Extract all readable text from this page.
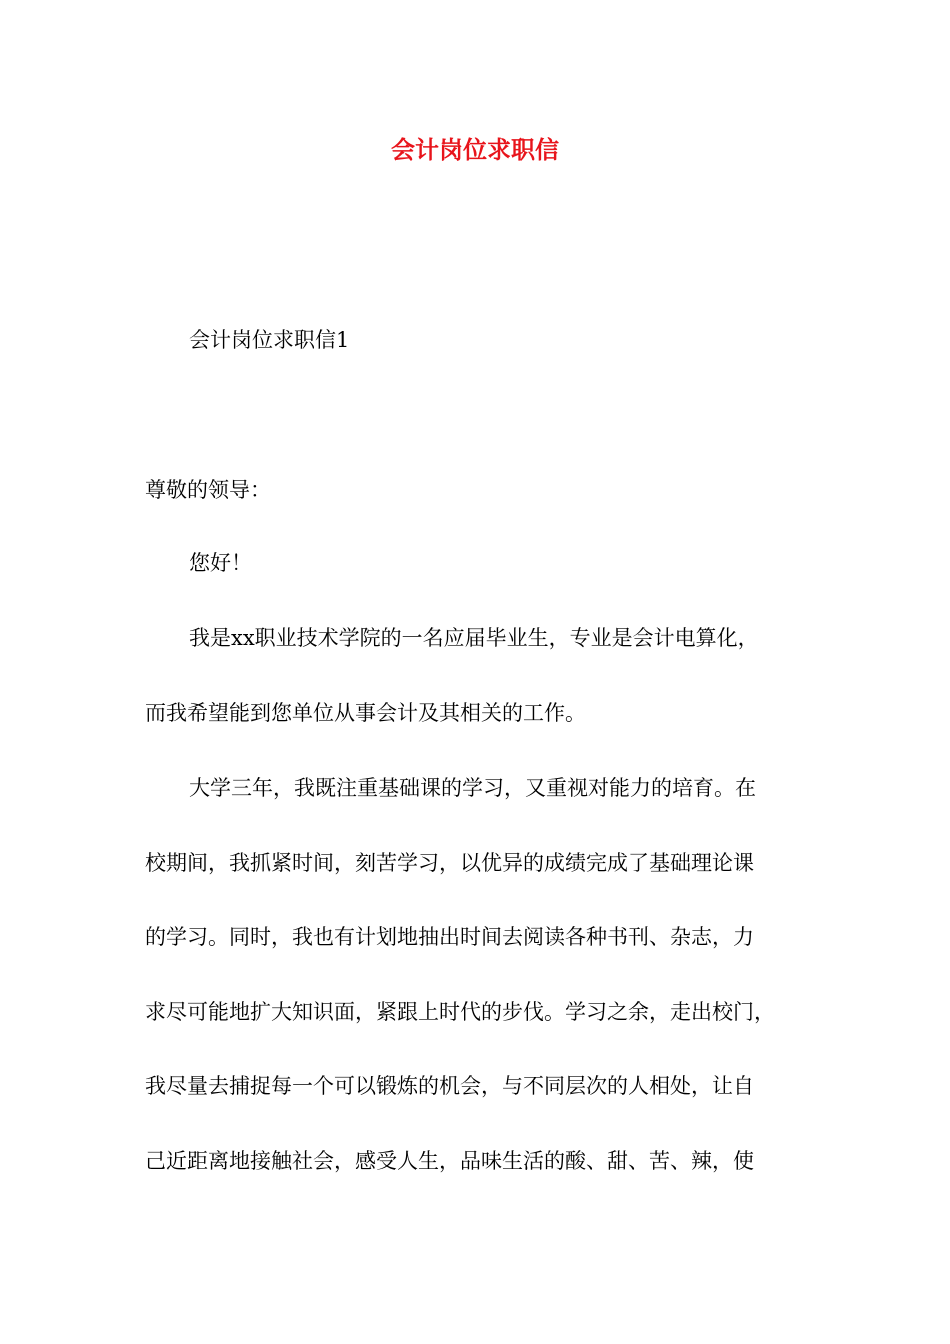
会计岗位求职信

会计岗位求职信1

尊敬的领导：

您好！

我是xx职业技术学院的一名应届毕业生，专业是会计电算化，

而我希望能到您单位从事会计及其相关的工作。

大学三年，我既注重基础课的学习，又重视对能力的培育。在

校期间，我抓紧时间，刻苦学习，以优异的成绩完成了基础理论课

的学习。同时，我也有计划地抽出时间去阅读各种书刊、杂志，力

求尽可能地扩大知识面，紧跟上时代的步伐。学习之余，走出校门，

我尽量去捕捉每一个可以锻炼的机会，与不同层次的人相处，让自

己近距离地接触社会，感受人生，品味生活的酸、甜、苦、辣，使
